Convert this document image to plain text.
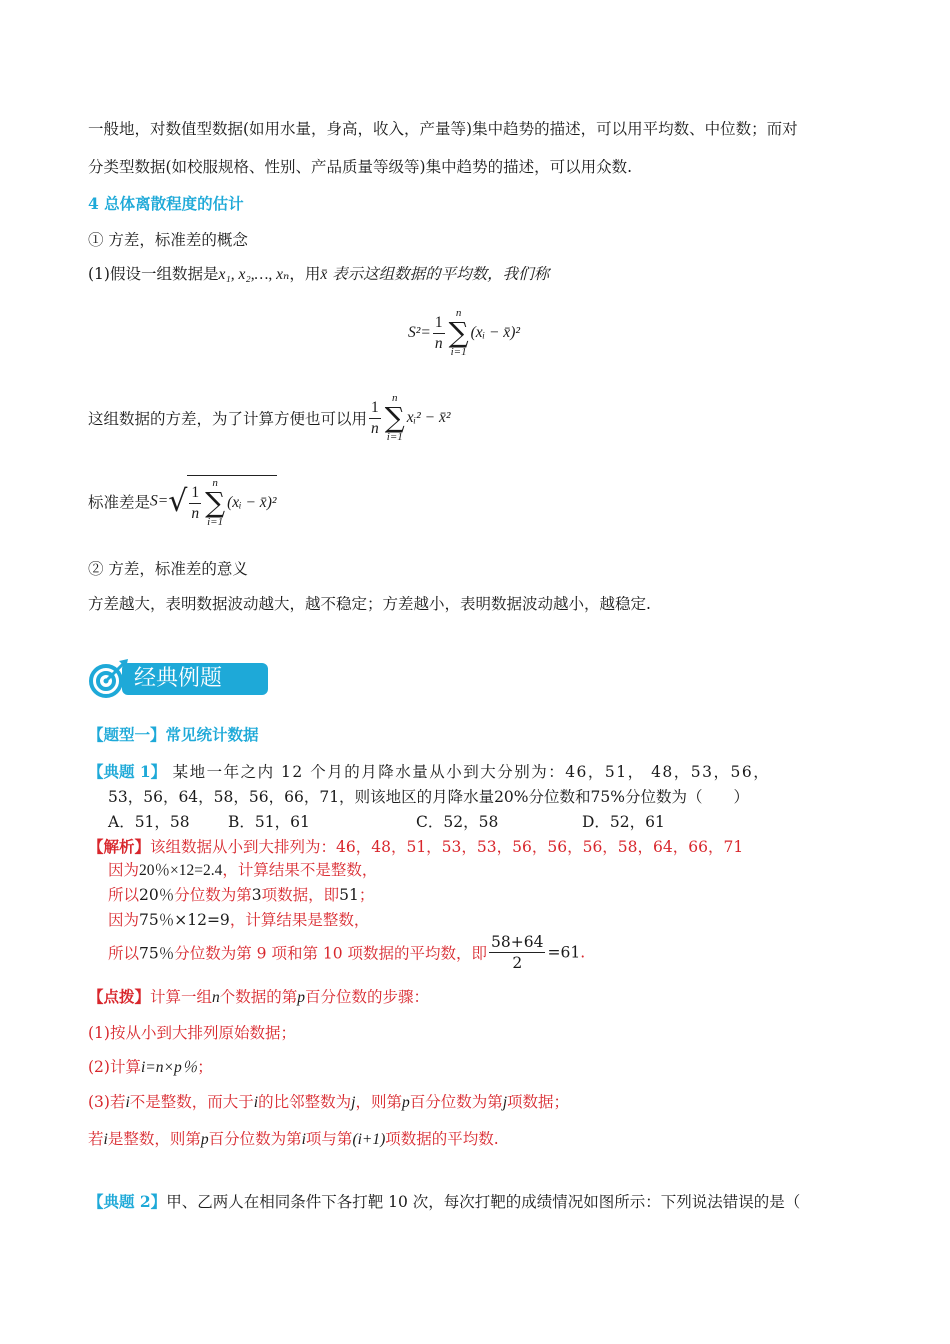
一般地，对数值型数据(如用水量，身高，收入，产量等)集中趋势的描述，可以用平均数、中位数；而对
分类型数据(如校服规格、性别、产品质量等级等)集中趋势的描述，可以用众数.
4 总体离散程度的估计
① 方差，标准差的概念
(1)假设一组数据是x₁, x₂,…, xₙ，用x̄ 表示这组数据的平均数，我们称
$S^2= \frac{1}{n}$	n
∑
i=1
(xᵢ − x̄)²
这组数据的方差，为了计算方便也可以用 $\frac{1}{n}$	n
∑
i=1
xᵢ² − x̄²
标准差是$S=√ \frac{1}{n}$	n
∑
i=1
(xᵢ − x̄)²
② 方差，标准差的意义
方差越大，表明数据波动越大，越不稳定；方差越小，表明数据波动越小，越稳定.
经典例题
【题型一】常见统计数据
【典题 1】 某地一年之内 12 个月的月降水量从小到大分别为：46，51， 48，53，56，
53，56，64，58，56，66，71，则该地区的月降水量20%分位数和75%分位数为（　　）
A．51，58 B．51，61	C．52，58	D．52，61
【解析】该组数据从小到大排列为：46，48，51，53，53，56，56，56，58，64，66，71
因为20％×12=2.4，计算结果不是整数，
所以20％分位数为第3项数据，即51；
因为75％×12=9，计算结果是整数，
所以75％分位数为第 9 项和第 10 项数据的平均数，即 $\frac{58+64}{2} =61$.
【点拨】计算一组n个数据的第p百分位数的步骤：
(1)按从小到大排列原始数据；
(2)计算i=n×p％；
(3)若i不是整数，而大于i的比邻整数为j，则第p百分位数为第j项数据；
若i是整数，则第p百分位数为第i项与第(i+1)项数据的平均数.
【典题 2】甲、乙两人在相同条件下各打靶 10 次，每次打靶的成绩情况如图所示：下列说法错误的是（
